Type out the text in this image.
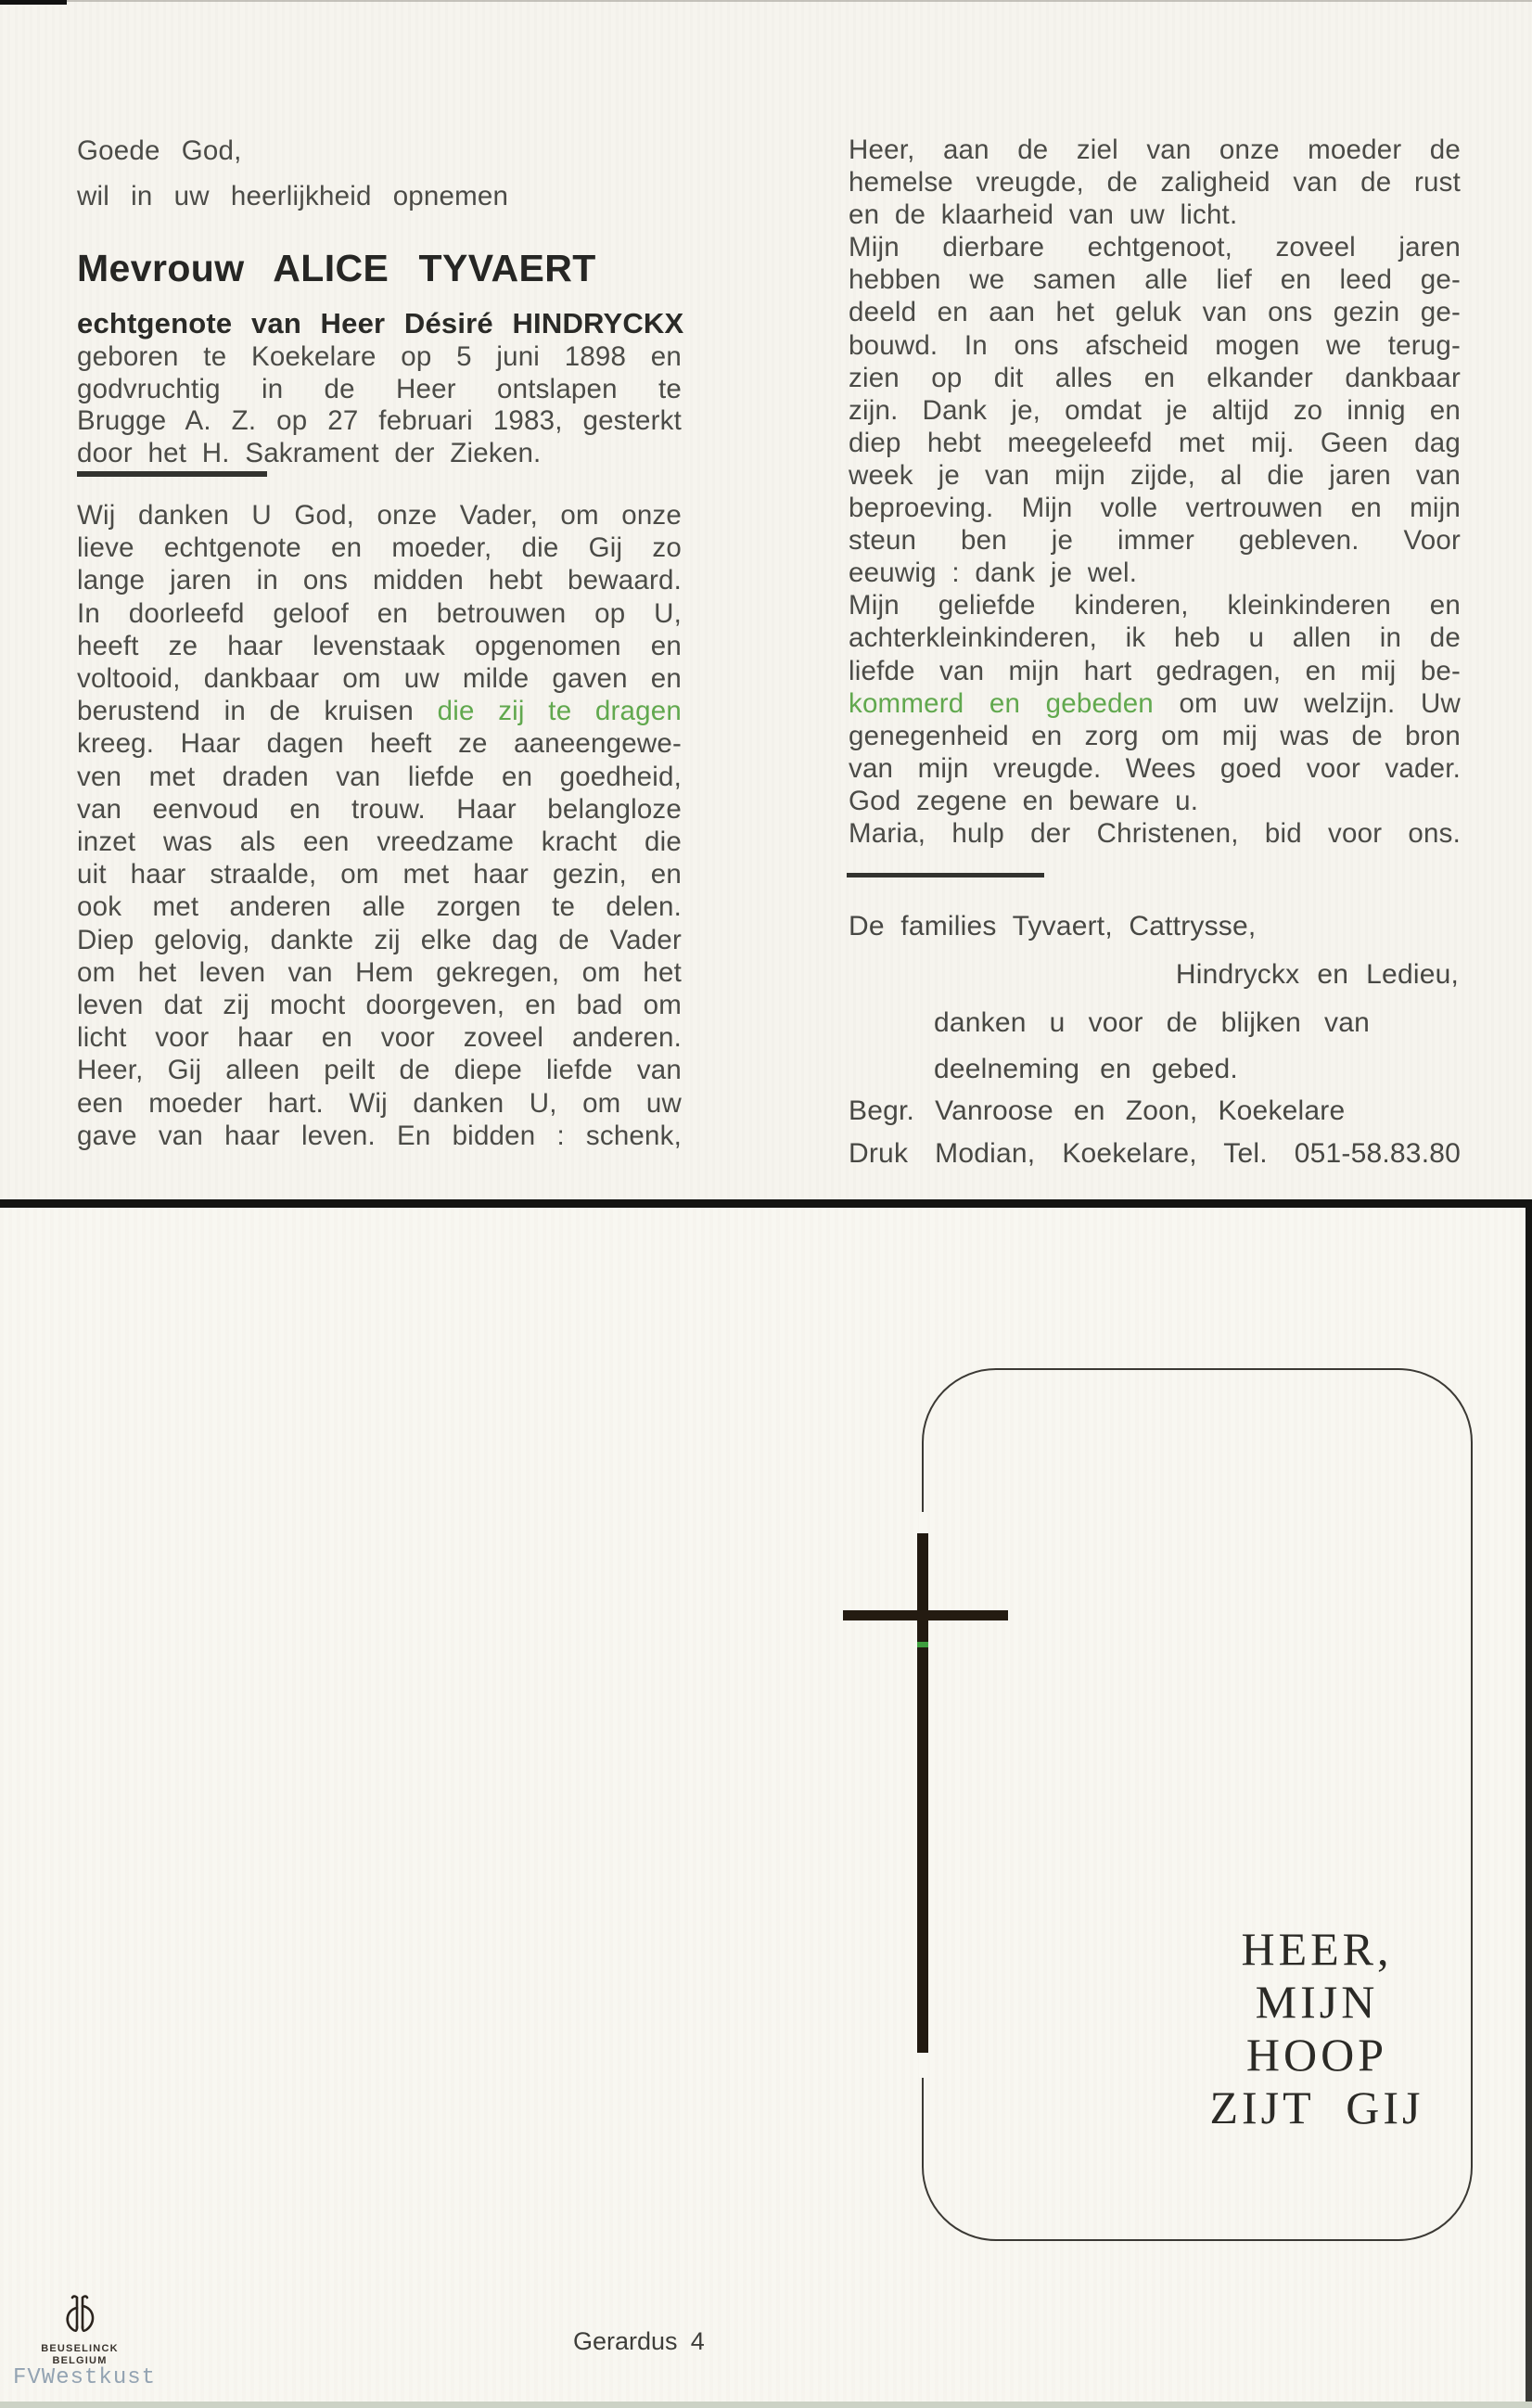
Goede God,
wil in uw heerlijkheid opnemen
Mevrouw ALICE TYVAERT
echtgenote van Heer Désiré HINDRYCKX
geboren te Koekelare op 5 juni 1898 en
godvruchtig in de Heer ontslapen te
Brugge A. Z. op 27 februari 1983, gesterkt
door het H. Sakrament der Zieken.
Wij danken U God, onze Vader, om onze
lieve echtgenote en moeder, die Gij zo
lange jaren in ons midden hebt bewaard.
In doorleefd geloof en betrouwen op U,
heeft ze haar levenstaak opgenomen en
voltooid, dankbaar om uw milde gaven en
berustend in de kruisen die zij te dragen
kreeg. Haar dagen heeft ze aaneengewe-
ven met draden van liefde en goedheid,
van eenvoud en trouw. Haar belangloze
inzet was als een vreedzame kracht die
uit haar straalde, om met haar gezin, en
ook met anderen alle zorgen te delen.
Diep gelovig, dankte zij elke dag de Vader
om het leven van Hem gekregen, om het
leven dat zij mocht doorgeven, en bad om
licht voor haar en voor zoveel anderen.
Heer, Gij alleen peilt de diepe liefde van
een moeder hart. Wij danken U, om uw
gave van haar leven. En bidden : schenk,
Heer, aan de ziel van onze moeder de
hemelse vreugde, de zaligheid van de rust
en de klaarheid van uw licht.
Mijn dierbare echtgenoot, zoveel jaren
hebben we samen alle lief en leed ge-
deeld en aan het geluk van ons gezin ge-
bouwd. In ons afscheid mogen we terug-
zien op dit alles en elkander dankbaar
zijn. Dank je, omdat je altijd zo innig en
diep hebt meegeleefd met mij. Geen dag
week je van mijn zijde, al die jaren van
beproeving. Mijn volle vertrouwen en mijn
steun ben je immer gebleven. Voor
eeuwig : dank je wel.
Mijn geliefde kinderen, kleinkinderen en
achterkleinkinderen, ik heb u allen in de
liefde van mijn hart gedragen, en mij be-
kommerd en gebeden om uw welzijn. Uw
genegenheid en zorg om mij was de bron
van mijn vreugde. Wees goed voor vader.
God zegene en beware u.
Maria, hulp der Christenen, bid voor ons.
De families Tyvaert, Cattrysse,
Hindryckx en Ledieu,
danken u voor de blijken van
deelneming en gebed.
Begr. Vanroose en Zoon, Koekelare
Druk Modian, Koekelare, Tel. 051-58.83.80
HEER,
MIJN
HOOP
ZIJT GIJ
BEUSELINCK
BELGIUM
Gerardus 4
FVWestkust
